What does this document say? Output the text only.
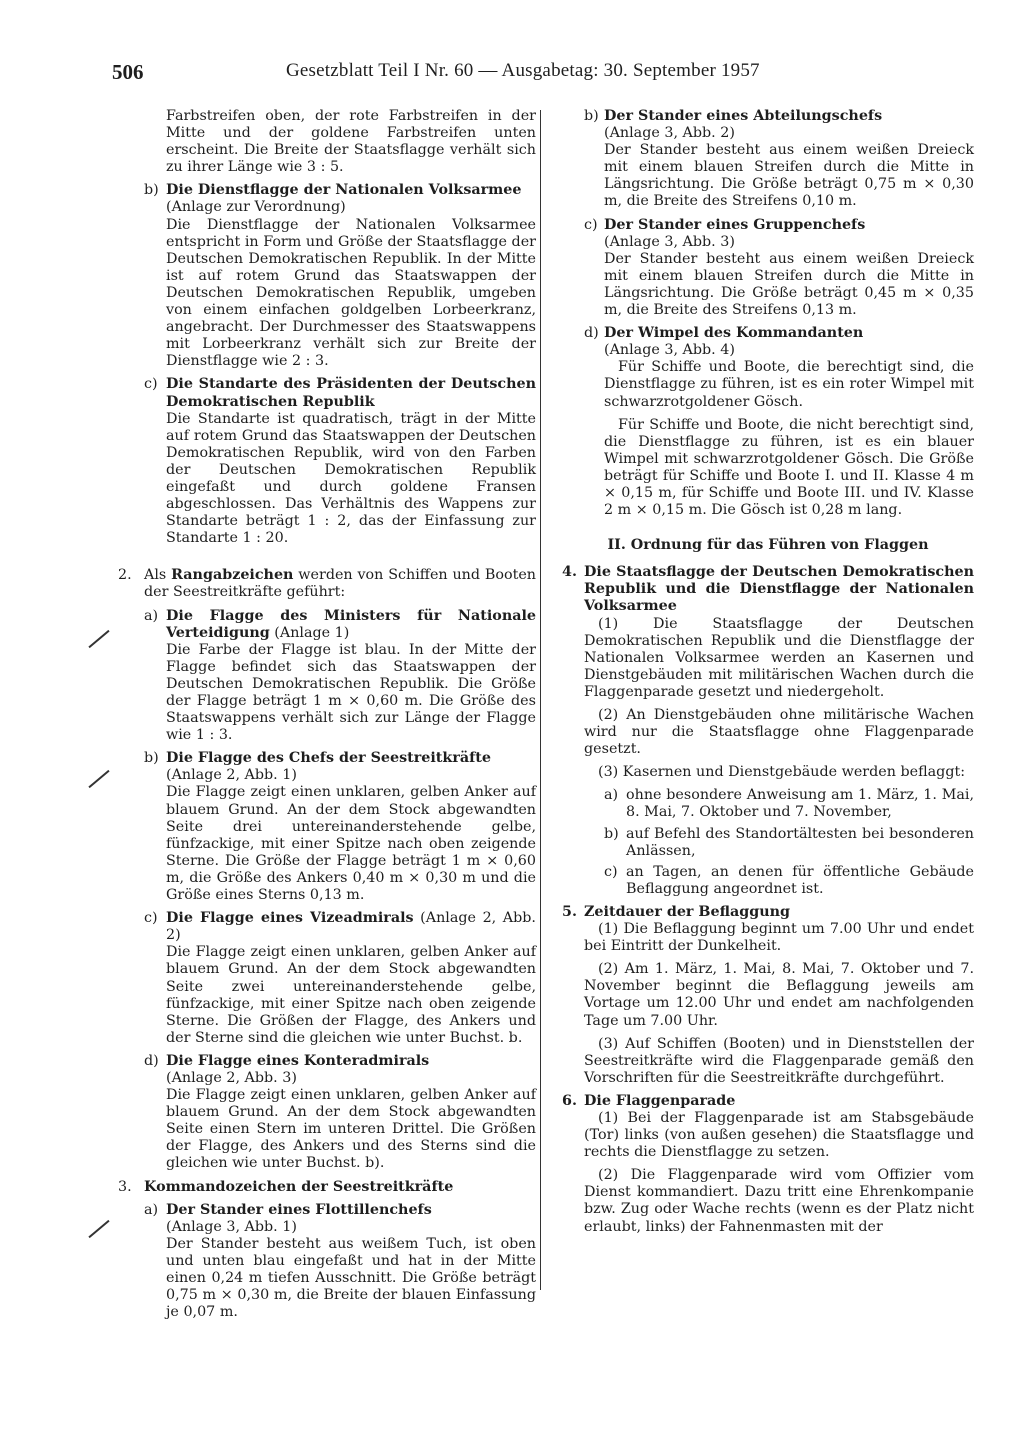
506	Gesetzblatt Teil I Nr. 60 — Ausgabetag: 30. September 1957
Farbstreifen oben, der rote Farbstreifen in der Mitte und der goldene Farbstreifen unten erscheint. Die Breite der Staatsflagge verhält sich zu ihrer Länge wie 3 : 5.
b) Die Dienstflagge der Nationalen Volksarmee
(Anlage zur Verordnung)
Die Dienstflagge der Nationalen Volksarmee entspricht in Form und Größe der Staatsflagge der Deutschen Demokratischen Republik. In der Mitte ist auf rotem Grund das Staatswappen der Deutschen Demokratischen Republik, umgeben von einem einfachen goldgelben Lorbeerkranz, angebracht. Der Durchmesser des Staatswappens mit Lorbeerkranz verhält sich zur Breite der Dienstflagge wie 2 : 3.
c) Die Standarte des Präsidenten der Deutschen Demokratischen Republik
Die Standarte ist quadratisch, trägt in der Mitte auf rotem Grund das Staatswappen der Deutschen Demokratischen Republik, wird von den Farben der Deutschen Demokratischen Republik eingefaßt und durch goldene Fransen abgeschlossen. Das Verhältnis des Wappens zur Standarte beträgt 1 : 2, das der Einfassung zur Standarte 1 : 20.
2. Als Rangabzeichen werden von Schiffen und Booten der Seestreitkräfte geführt:
a) Die Flagge des Ministers für Nationale Verteidigung (Anlage 1)
Die Farbe der Flagge ist blau. In der Mitte der Flagge befindet sich das Staatswappen der Deutschen Demokratischen Republik. Die Größe der Flagge beträgt 1 m × 0,60 m. Die Größe des Staatswappens verhält sich zur Länge der Flagge wie 1 : 3.
b) Die Flagge des Chefs der Seestreitkräfte
(Anlage 2, Abb. 1)
Die Flagge zeigt einen unklaren, gelben Anker auf blauem Grund. An der dem Stock abgewandten Seite drei untereinanderstehende gelbe, fünfzackige, mit einer Spitze nach oben zeigende Sterne. Die Größe der Flagge beträgt 1 m × 0,60 m, die Größe des Ankers 0,40 m × 0,30 m und die Größe eines Sterns 0,13 m.
c) Die Flagge eines Vizeadmirals (Anlage 2, Abb. 2)
Die Flagge zeigt einen unklaren, gelben Anker auf blauem Grund. An der dem Stock abgewandten Seite zwei untereinanderstehende gelbe, fünfzackige, mit einer Spitze nach oben zeigende Sterne. Die Größen der Flagge, des Ankers und der Sterne sind die gleichen wie unter Buchst. b.
d) Die Flagge eines Konteradmirals
(Anlage 2, Abb. 3)
Die Flagge zeigt einen unklaren, gelben Anker auf blauem Grund. An der dem Stock abgewandten Seite einen Stern im unteren Drittel. Die Größen der Flagge, des Ankers und des Sterns sind die gleichen wie unter Buchst. b).
3. Kommandozeichen der Seestreitkräfte
a) Der Stander eines Flottillenchefs
(Anlage 3, Abb. 1)
Der Stander besteht aus weißem Tuch, ist oben und unten blau eingefaßt und hat in der Mitte einen 0,24 m tiefen Ausschnitt. Die Größe beträgt 0,75 m × 0,30 m, die Breite der blauen Einfassung je 0,07 m.
b) Der Stander eines Abteilungschefs
(Anlage 3, Abb. 2)
Der Stander besteht aus einem weißen Dreieck mit einem blauen Streifen durch die Mitte in Längsrichtung. Die Größe beträgt 0,75 m × 0,30 m, die Breite des Streifens 0,10 m.
c) Der Stander eines Gruppenchefs
(Anlage 3, Abb. 3)
Der Stander besteht aus einem weißen Dreieck mit einem blauen Streifen durch die Mitte in Längsrichtung. Die Größe beträgt 0,45 m × 0,35 m, die Breite des Streifens 0,13 m.
d) Der Wimpel des Kommandanten
(Anlage 3, Abb. 4)
Für Schiffe und Boote, die berechtigt sind, die Dienstflagge zu führen, ist es ein roter Wimpel mit schwarzrotgoldener Gösch.
Für Schiffe und Boote, die nicht berechtigt sind, die Dienstflagge zu führen, ist es ein blauer Wimpel mit schwarzrotgoldener Gösch. Die Größe beträgt für Schiffe und Boote I. und II. Klasse 4 m × 0,15 m, für Schiffe und Boote III. und IV. Klasse 2 m × 0,15 m. Die Gösch ist 0,28 m lang.
II. Ordnung für das Führen von Flaggen
4. Die Staatsflagge der Deutschen Demokratischen Republik und die Dienstflagge der Nationalen Volksarmee
(1) Die Staatsflagge der Deutschen Demokratischen Republik und die Dienstflagge der Nationalen Volksarmee werden an Kasernen und Dienstgebäuden mit militärischen Wachen durch die Flaggenparade gesetzt und niedergeholt.
(2) An Dienstgebäuden ohne militärische Wachen wird nur die Staatsflagge ohne Flaggenparade gesetzt.
(3) Kasernen und Dienstgebäude werden beflaggt:
a) ohne besondere Anweisung am 1. März, 1. Mai, 8. Mai, 7. Oktober und 7. November,
b) auf Befehl des Standortältesten bei besonderen Anlässen,
c) an Tagen, an denen für öffentliche Gebäude Beflaggung angeordnet ist.
5. Zeitdauer der Beflaggung
(1) Die Beflaggung beginnt um 7.00 Uhr und endet bei Eintritt der Dunkelheit.
(2) Am 1. März, 1. Mai, 8. Mai, 7. Oktober und 7. November beginnt die Beflaggung jeweils am Vortage um 12.00 Uhr und endet am nachfolgenden Tage um 7.00 Uhr.
(3) Auf Schiffen (Booten) und in Dienststellen der Seestreitkräfte wird die Flaggenparade gemäß den Vorschriften für die Seestreitkräfte durchgeführt.
6. Die Flaggenparade
(1) Bei der Flaggenparade ist am Stabsgebäude (Tor) links (von außen gesehen) die Staatsflagge und rechts die Dienstflagge zu setzen.
(2) Die Flaggenparade wird vom Offizier vom Dienst kommandiert. Dazu tritt eine Ehrenkompanie bzw. Zug oder Wache rechts (wenn es der Platz nicht erlaubt, links) der Fahnenmasten mit der
